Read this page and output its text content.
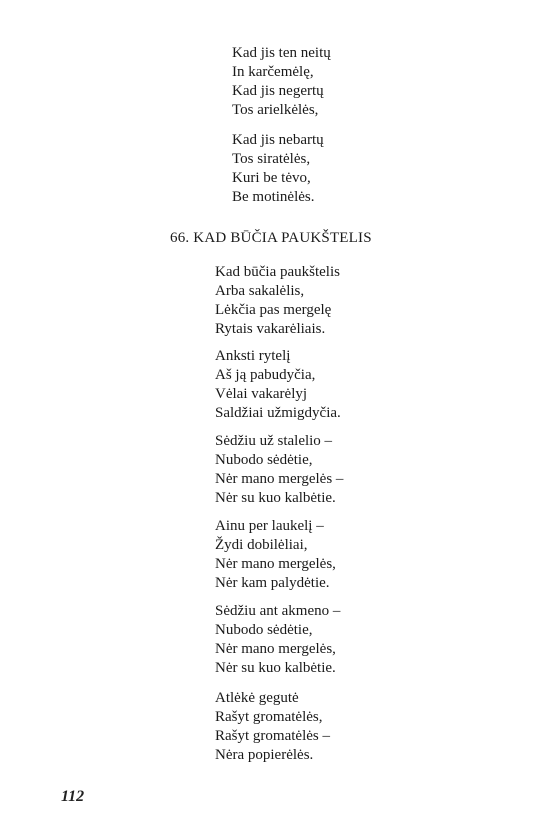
Kad jis ten neitų
In karčemėlę,
Kad jis negertų
Tos arielkėlės,
Kad jis nebartų
Tos siratėlės,
Kuri be tėvo,
Be motinėlės.
66. KAD BŪČIA PAUKŠTELIS
Kad būčia paukštelis
Arba sakalėlis,
Lėkčia pas mergelę
Rytais vakarėliais.
Anksti rytelį
Aš ją pabudyčia,
Vėlai vakarėlyj
Saldžiai užmigdyčia.
Sėdžiu už stalelio –
Nubodo sėdėtie,
Nėr mano mergelės –
Nėr su kuo kalbėtie.
Ainu per laukelį –
Žydi dobilėliai,
Nėr mano mergelės,
Nėr kam palydėtie.
Sėdžiu ant akmeno –
Nubodo sėdėtie,
Nėr mano mergelės,
Nėr su kuo kalbėtie.
Atlėkė gegutė
Rašyt gromatėlės,
Rašyt gromatėlės –
Nėra popierėlės.
112
